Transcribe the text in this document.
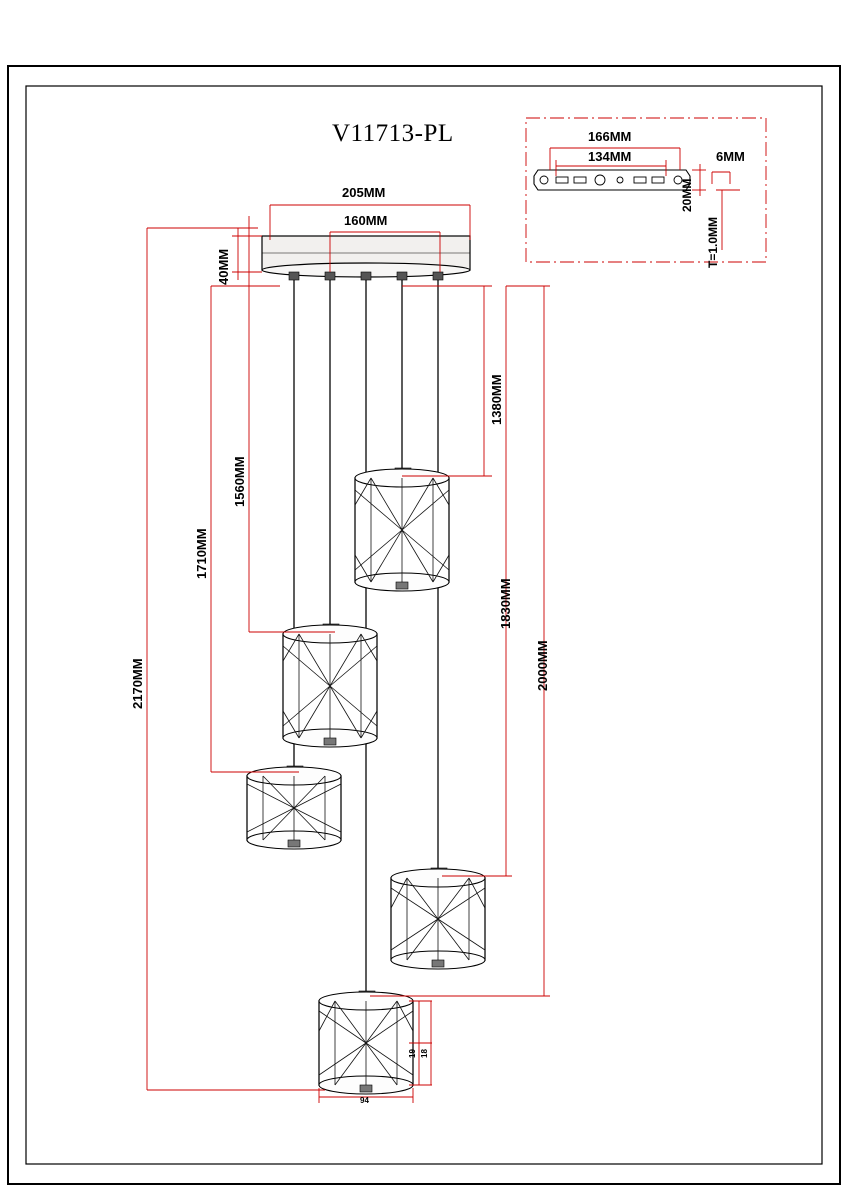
V11713-PL
205MM
160MM
40MM
1380MM
1560MM
1710MM
1830MM
2000MM
2170MM
19 18
94
166MM
134MM
20MM
6MM
T=1.0MM
